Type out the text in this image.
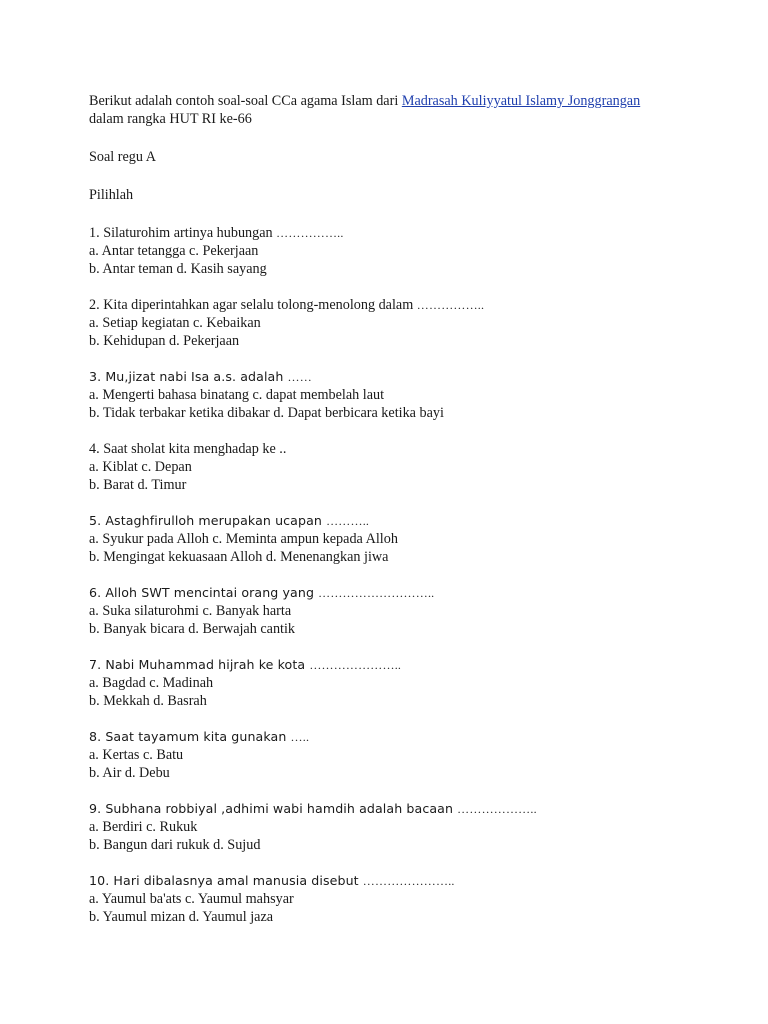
Berikut adalah contoh soal-soal CCa agama Islam dari Madrasah Kuliyyatul Islamy Jonggrangan
dalam rangka HUT RI ke-66

Soal regu A

Pilihlah

1. Silaturohim artinya hubungan ……………..
a. Antar tetangga c. Pekerjaan
b. Antar teman d. Kasih sayang
2. Kita diperintahkan agar selalu tolong-menolong dalam ……………..
a. Setiap kegiatan c. Kebaikan
b. Kehidupan d. Pekerjaan
3. Mu,jizat nabi Isa a.s. adalah ……
a. Mengerti bahasa binatang c. dapat membelah laut
b. Tidak terbakar ketika dibakar d. Dapat berbicara ketika bayi
4. Saat sholat kita menghadap ke ..
a. Kiblat c. Depan
b. Barat d. Timur
5. Astaghfirulloh merupakan ucapan ………..
a. Syukur pada Alloh c. Meminta ampun kepada Alloh
b. Mengingat kekuasaan Alloh d. Menenangkan jiwa
6. Alloh SWT mencintai orang yang ………………………..
a. Suka silaturohmi c. Banyak harta
b. Banyak bicara d. Berwajah cantik
7. Nabi Muhammad hijrah ke kota …………………..
a. Bagdad c. Madinah
b. Mekkah d. Basrah
8. Saat tayamum kita gunakan …..
a. Kertas c. Batu
b. Air d. Debu
9. Subhana robbiyal ,adhimi wabi hamdih adalah bacaan ………………..
a. Berdiri c. Rukuk
b. Bangun dari rukuk d. Sujud
10. Hari dibalasnya amal manusia disebut …………………..
a. Yaumul ba'ats c. Yaumul mahsyar
b. Yaumul mizan d. Yaumul jaza
